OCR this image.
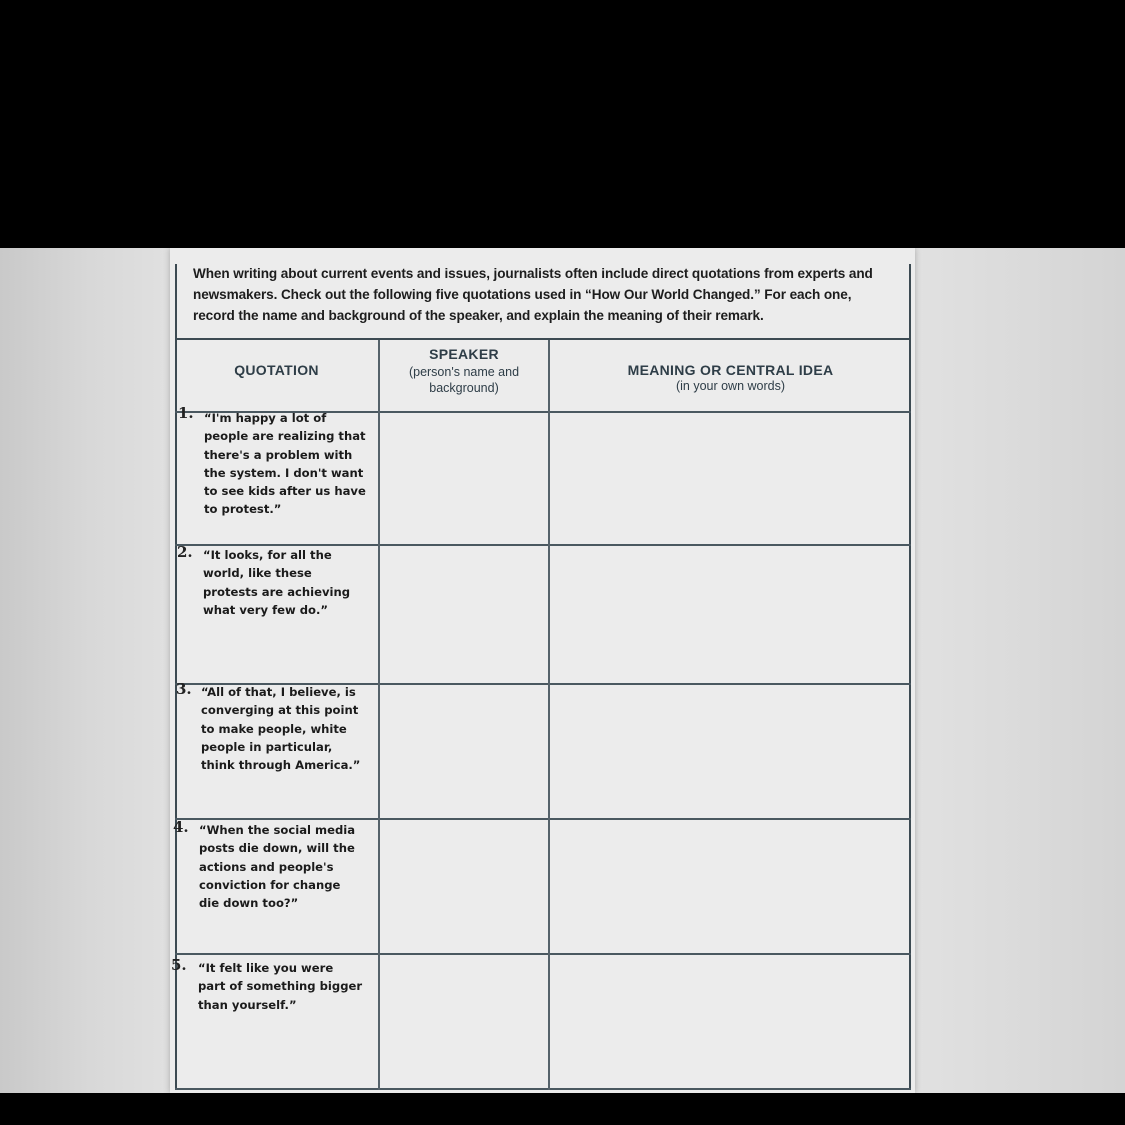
When writing about current events and issues, journalists often include direct quotations from experts and newsmakers. Check out the following five quotations used in “How Our World Changed.” For each one, record the name and background of the speaker, and explain the meaning of their remark.
QUOTATION
SPEAKER
(person's name and background)
MEANING OR CENTRAL IDEA
(in your own words)
1. “I'm happy a lot of people are realizing that there's a problem with the system. I don't want to see kids after us have to protest.”
2. “It looks, for all the world, like these protests are achieving what very few do.”
3. “All of that, I believe, is converging at this point to make people, white people in particular, think through America.”
4. “When the social media posts die down, will the actions and people's conviction for change die down too?”
5. “It felt like you were part of something bigger than yourself.”
